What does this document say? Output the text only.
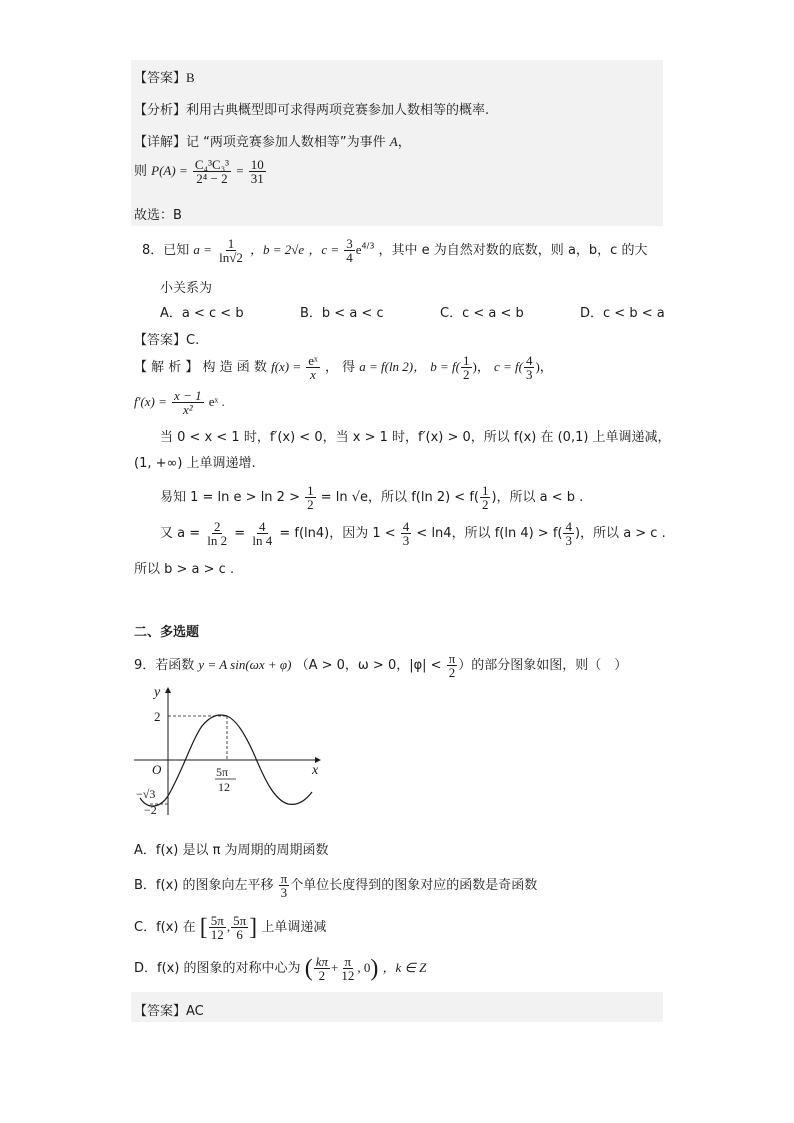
【答案】B
【分析】利用古典概型即可求得两项竞赛参加人数相等的概率.
【详解】记 “两项竞赛参加人数相等”为事件 A，
则 $P(A) = \frac{\text{C₄³C₃³}}{\text{2⁴ − 2}} = \frac{10}{31}$
故选：B
8．已知 $a = \frac{1}{\ln√2}$ ，b = 2√e ，$c = \frac{3}{4} e^{4/3}$ ，其中 e 为自然对数的底数，则 a，b，c 的大
小关系为
A．a < c < b	B．b < a < c	C．c < a < b	D．c < b < a
【答案】C.
【 解 析 】 构 造 函 数 $f(x) = \frac{\text{eˣ}}{x}$ ， 得 a = f(ln 2)， $b = f( \frac{1}{2}$ )， $c = f( \frac{4}{3}$ )，
$f'(x) = \frac{x - 1}{\text{x²}}$ eˣ .
当 0 < x < 1 时，f′(x) < 0，当 x > 1 时，f′(x) > 0，所以 f(x) 在 (0,1) 上单调递减，
(1, +∞) 上单调递增.
易知 $1 = \ln e > \ln 2 > \frac{1}{2} = \ln √e$，所以 f(ln $2) < f( \frac{1}{2}$ )，所以 a < b .
又 $a = \frac{2}{\ln 2} = \frac{4}{\ln 4} = f(\ln 4)$，因为 $1 < \frac{4}{3} < \ln 4$，所以 f(ln $4) > f( \frac{4}{3}$ )，所以 a > c .
所以 b > a > c .
二、多选题
9．若函数 y = A sin(ωx + φ) （A > 0，ω > 0，$|\varphi| < \frac{\pi}{2}$ ）的部分图象如图，则（　）
y
x
O
2
−√3
−2
5π
12
A．f(x) 是以 π 为周期的周期函数
B．f(x) 的图象向左平移 $\frac{\pi}{3}$ 个单位长度得到的图象对应的函数是奇函数
C．f(x) 在 [ $\frac{5\pi}{12}$ , $\frac{5\pi}{6}$ ] 上单调递减
D．f(x) 的图象的对称中心为 ( $\frac{k\pi}{2} + \frac{\pi}{12}$ , 0) ，k ∈ Z
【答案】AC
